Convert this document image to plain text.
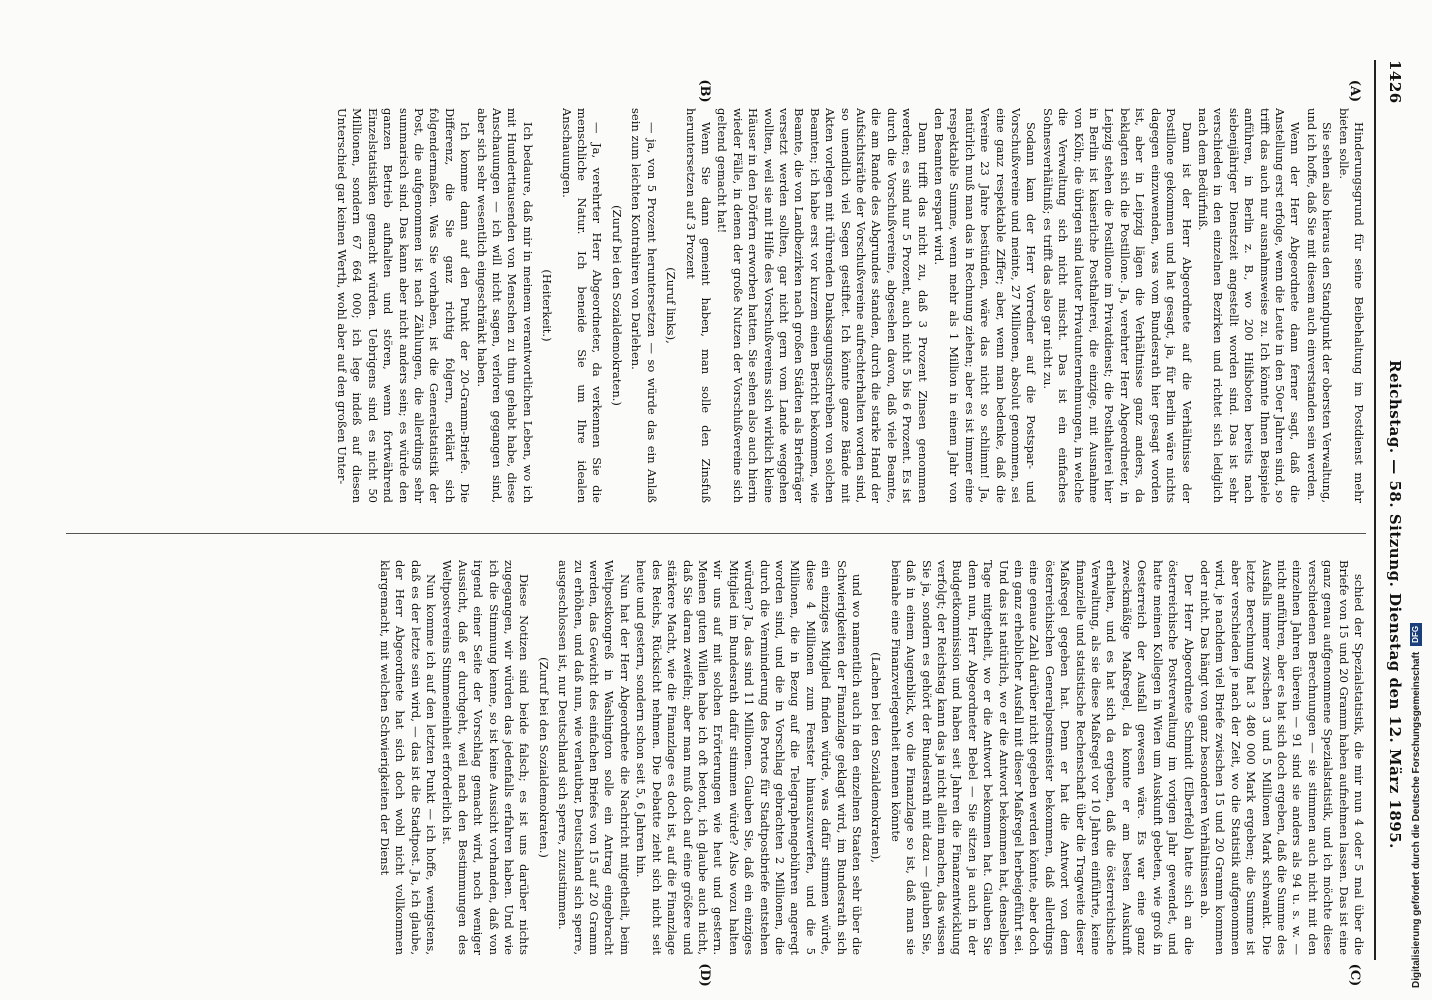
1426
Reichstag. — 58. Sitzung. Dienstag den 12. März 1895.
(A)
(B)
(C)
(D)

Hinderungsgrund für seine Beibehaltung im Postdienst mehr bieten solle.

Sie sehen also hieraus den Standpunkt der obersten Verwaltung, und ich hoffe, daß Sie mit diesem auch einverstanden sein werden.

Wenn der Herr Abgeordnete dann ferner sagt, daß die Anstellung erst erfolge, wenn die Leute in den 50er Jahren sind, so trifft das auch nur ausnahmsweise zu. Ich könnte Ihnen Beispiele anführen, in Berlin z. B., wo 200 Hilfsboten bereits nach siebenjähriger Dienstzeit angestellt worden sind. Das ist sehr verschieden in den einzelnen Bezirken und richtet sich lediglich nach dem Bedürfniß.

Dann ist der Herr Abgeordnete auf die Verhältnisse der Postillone gekommen und hat gesagt, ja, für Berlin wäre nichts dagegen einzuwenden, was vom Bundesrath hier gesagt worden ist, aber in Leipzig lägen die Verhältnisse ganz anders, da beklagten sich die Postillone. Ja, verehrter Herr Abgeordneter, in Leipzig stehen die Postillone im Privatdienst; die Posthalterei hier in Berlin ist kaiserliche Posthalterei, die einzige, mit Ausnahme von Köln; die übrigen sind lauter Privatunternehmungen, in welche die Verwaltung sich nicht mischt. Das ist ein einfaches Sohnesverhältniß; es trifft das also gar nicht zu.

Sodann kam der Herr Vorredner auf die Postspar- und Vorschußvereine und meinte, 27 Millionen, absolut genommen, sei eine ganz respektable Ziffer; aber, wenn man bedenke, daß die Vereine 23 Jahre bestünden, wäre das nicht so schlimm! Ja, natürlich muß man das in Rechnung ziehen; aber es ist immer eine respektable Summe, wenn mehr als 1 Million in einem Jahr von den Beamten erspart wird.

Dann trifft das nicht zu, daß 3 Prozent Zinsen genommen werden; es sind nur 5 Prozent, auch nicht 5 bis 6 Prozent. Es ist durch die Vorschußvereine, abgesehen davon, daß viele Beamte, die am Rande des Abgrundes standen, durch die starke Hand der Aufsichtsräthe der Vorschußvereine aufrechterhalten worden sind, so unendlich viel Segen gestiftet. Ich könnte ganze Bände mit Akten vorlegen mit rührenden Danksagungsschreiben von solchen Beamten; ich habe erst vor kurzem einen Bericht bekommen, wie Beamte, die von Landbezirken nach großen Städten als Briefträger versetzt werden sollten, gar nicht gern vom Lande weggehen wollten, weil sie mit Hilfe des Vorschußvereins sich wirklich kleine Häuser in den Dörfern erworben hatten. Sie sehen also auch hierin wieder Fälle, in denen der große Nutzen der Vorschußvereine sich geltend gemacht hat!

Wenn Sie dann gemeint haben, man solle den Zinsfuß heruntersetzen auf 3 Prozent

(Zuruf links),

— ja, von 5 Prozent heruntersetzen — so würde das ein Anlaß sein zum leichten Kontrahiren von Darlehen.

(Zuruf bei den Sozialdemokraten.)

— Ja, verehrter Herr Abgeordneter, da verkennen Sie die menschliche Natur. Ich beneide Sie um Ihre idealen Anschauungen.

(Heiterkeit.)

Ich bedaure, daß mir in meinem verantwortlichen Leben, wo ich mit Hunderttausenden von Menschen zu thun gehabt habe, diese Anschauungen — ich will nicht sagen, verloren gegangen sind, aber sich sehr wesentlich eingeschränkt haben.

Ich komme dann auf den Punkt der 20-Gramm-Briefe. Die Differenz, die Sie ganz richtig folgern, erklärt sich folgendermaßen. Was Sie vorhaben, ist die Generalstatistik der Post, die aufgenommen ist nach Zählungen, die allerdings sehr summarisch sind. Das kann aber nicht anders sein; es würde den ganzen Betrieb aufhalten und stören, wenn fortwährend Einzelstatistiken gemacht würden. Uebrigens sind es nicht 50 Millionen, sondern 67 664 000; ich lege indeß auf diesen Unterschied gar keinen Werth, wohl aber auf den großen Unter-

schied der Spezialstatistik, die mir nun 4 oder 5 mal über die Briefe von 15 und 20 Gramm haben aufnehmen lassen. Das ist eine ganz genau aufgenommene Spezialstatistik, und ich möchte diese verschiedenen Berechnungen — sie stimmen auch nicht mit den einzelnen Jahren überein — 91 sind sie anders als 94 u. s. w. — nicht anführen, aber es hat sich doch ergeben, daß die Summe des Ausfalls immer zwischen 3 und 5 Millionen Mark schwankt. Die letzte Berechnung hat 3 480 000 Mark ergeben; die Summe ist aber verschieden je nach der Zeit, wo die Statistik aufgenommen wird, je nachdem viel Briefe zwischen 15 und 20 Gramm kommen oder nicht. Das hängt von ganz besonderen Verhältnissen ab.

Der Herr Abgeordnete Schmidt (Elberfeld) hatte sich an die österreichische Postverwaltung im vorigen Jahr gewendet, und hatte meinen Kollegen in Wien um Auskunft gebeten, wie groß in Oesterreich der Ausfall gewesen wäre. Es war eine ganz zweckmäßige Maßregel, da konnte er am besten Auskunft erhalten, und es hat sich da ergeben, daß die österreichische Verwaltung, als sie diese Maßregel vor 10 Jahren einführte, keine finanzielle und statistische Rechenschaft über die Tragweite dieser Maßregel gegeben hat. Denn er hat die Antwort von dem österreichischen Generalpostmeister bekommen, daß allerdings eine genaue Zahl darüber nicht gegeben werden könnte, aber doch ein ganz erheblicher Ausfall mit dieser Maßregel herbeigeführt sei. Und das ist natürlich, wo er die Antwort bekommen hat, denselben Tage mitgetheilt, wo er die Antwort bekommen hat. Glauben Sie denn nun, Herr Abgeordneter Bebel — Sie sitzen ja auch in der Budgetkommission und haben seit Jahren die Finanzentwicklung verfolgt; der Reichstag kann das ja nicht allein machen, das wissen Sie ja, sondern es gehört der Bundesrath mit dazu — glauben Sie, daß in einem Augenblick, wo die Finanzlage so ist, daß man sie beinahe eine Finanzverlegenheit nennen könnte

(Lachen bei den Sozialdemokraten),

und wo namentlich auch in den einzelnen Staaten sehr über die Schwierigkeiten der Finanzlage geklagt wird, im Bundesrath sich ein einziges Mitglied finden würde, was dafür stimmen würde, diese 4 Millionen zum Fenster hinauszuwerfen, und die 5 Millionen, die in Bezug auf die Telegraphengebühren angeregt worden sind, und die in Vorschlag gebrachten 2 Millionen, die durch die Verminderung des Portos für Stadtpostbriefe entstehen würden? Ja, das sind 11 Millionen. Glauben Sie, daß ein einziges Mitglied im Bundesrath dafür stimmen würde? Also wozu halten wir uns auf mit solchen Erörterungen wie heut und gestern. Meinen guten Willen habe ich oft betont, ich glaube auch nicht, daß Sie daran zweifeln; aber man muß doch auf eine größere und stärkere Macht, wie die Finanzlage es doch ist, auf die Finanzlage des Reichs, Rücksicht nehmen. Die Debatte zieht sich nicht seit heute und gestern, sondern schon seit 5, 6 Jahren hin.

Nun hat der Herr Abgeordnete die Nachricht mitgetheilt, beim Weltpostkongreß in Washington solle ein Antrag eingebracht werden, das Gewicht des einfachen Briefes von 15 auf 20 Gramm zu erhöhen, und daß nun, wie verlautbar, Deutschland sich sperre, ausgeschlossen ist, nur Deutschland sich sperre, zuzustimmen.

(Zuruf bei den Sozialdemokraten.)

Diese Notizen sind beide falsch; es ist uns darüber nichts zugegangen, wir würden das jedenfalls erfahren haben. Und wie ich die Stimmung kenne, so ist keine Aussicht vorhanden, daß von irgend einer Seite der Vorschlag gemacht wird, noch weniger Aussicht, daß er durchgeht, weil nach den Bestimmungen des Weltpostvereins Stimmeneinheit erforderlich ist.

Nun komme ich auf den letzten Punkt — ich hoffe, wenigstens, daß es der letzte sein wird, — das ist die Stadtpost. Ja, ich glaube, der Herr Abgeordnete hat sich doch wohl nicht vollkommen klargemacht, mit welchen Schwierigkeiten der Dienst	Digitalisierung gefördert durch die Deutsche ForschungsgemeinschaftDFG
